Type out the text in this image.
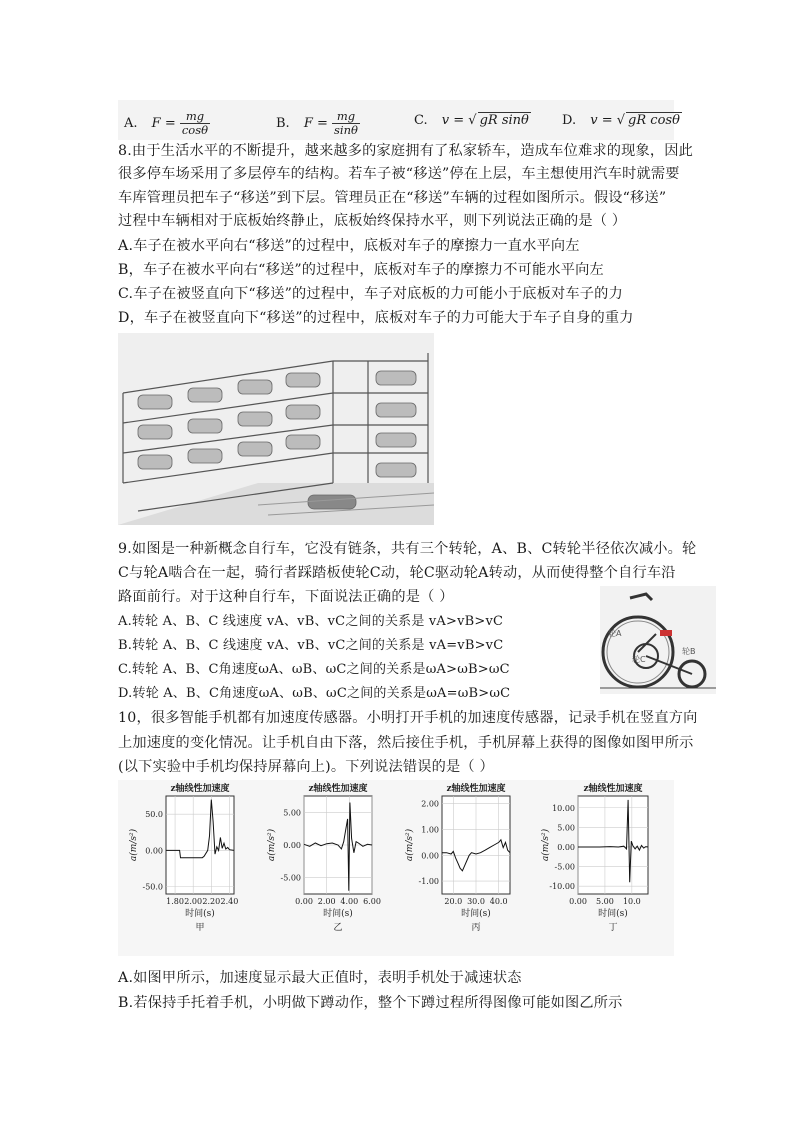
A. $F = \frac{mg}{\cos\theta}$	B. $F = \frac{mg}{\sin\theta}$	C. v = √ gR sinθ	D. v = √ gR cosθ
8.由于生活水平的不断提升，越来越多的家庭拥有了私家轿车，造成车位难求的现象，因此
很多停车场采用了多层停车的结构。若车子被“移送”停在上层，车主想使用汽车时就需要
车库管理员把车子“移送”到下层。管理员正在“移送”车辆的过程如图所示。假设“移送”
过程中车辆相对于底板始终静止，底板始终保持水平，则下列说法正确的是（ ）
A.车子在被水平向右“移送”的过程中，底板对车子的摩擦力一直水平向左
B，车子在被水平向右“移送”的过程中，底板对车子的摩擦力不可能水平向左
C.车子在被竖直向下“移送”的过程中，车子对底板的力可能小于底板对车子的力
D，车子在被竖直向下“移送”的过程中，底板对车子的力可能大于车子自身的重力
9.如图是一种新概念自行车，它没有链条，共有三个转轮，A、B、C转轮半径依次减小。轮
C与轮A啮合在一起，骑行者踩踏板使轮C动，轮C驱动轮A转动，从而使得整个自行车沿
路面前行。对于这种自行车，下面说法正确的是（ ）
A.转轮 A、B、C 线速度 vA、vB、vC之间的关系是 vA>vB>vC
B.转轮 A、B、C 线速度 vA、vB、vC之间的关系是 vA=vB>vC
C.转轮 A、B、C角速度ωA、ωB、ωC之间的关系是ωA>ωB>ωC
D.转轮 A、B、C角速度ωA、ωB、ωC之间的关系是ωA=ωB>ωC
轮A
轮C
轮B
10，很多智能手机都有加速度传感器。小明打开手机的加速度传感器，记录手机在竖直方向
上加速度的变化情况。让手机自由下落，然后接住手机，手机屏幕上获得的图像如图甲所示
(以下实验中手机均保持屏幕向上)。下列说法错误的是（ ）
z轴线性加速度
50.0
0.00
-50.0
1.80 2.00 2.20 2.40
a(m/s²)
时间(s)
甲
z轴线性加速度
5.00
0.00
-5.00
0.00 2.00 4.00 6.00
a(m/s²)
时间(s)
乙
z轴线性加速度
2.00
1.00
0.00
-1.00
20.0 30.0 40.0
a(m/s²)
时间(s)
丙
z轴线性加速度
10.00
5.00
0.00
-5.00
-10.00
0.00 5.00 10.0
a(m/s²)
时间(s)
丁
A.如图甲所示，加速度显示最大正值时，表明手机处于减速状态
B.若保持手托着手机，小明做下蹲动作，整个下蹲过程所得图像可能如图乙所示
